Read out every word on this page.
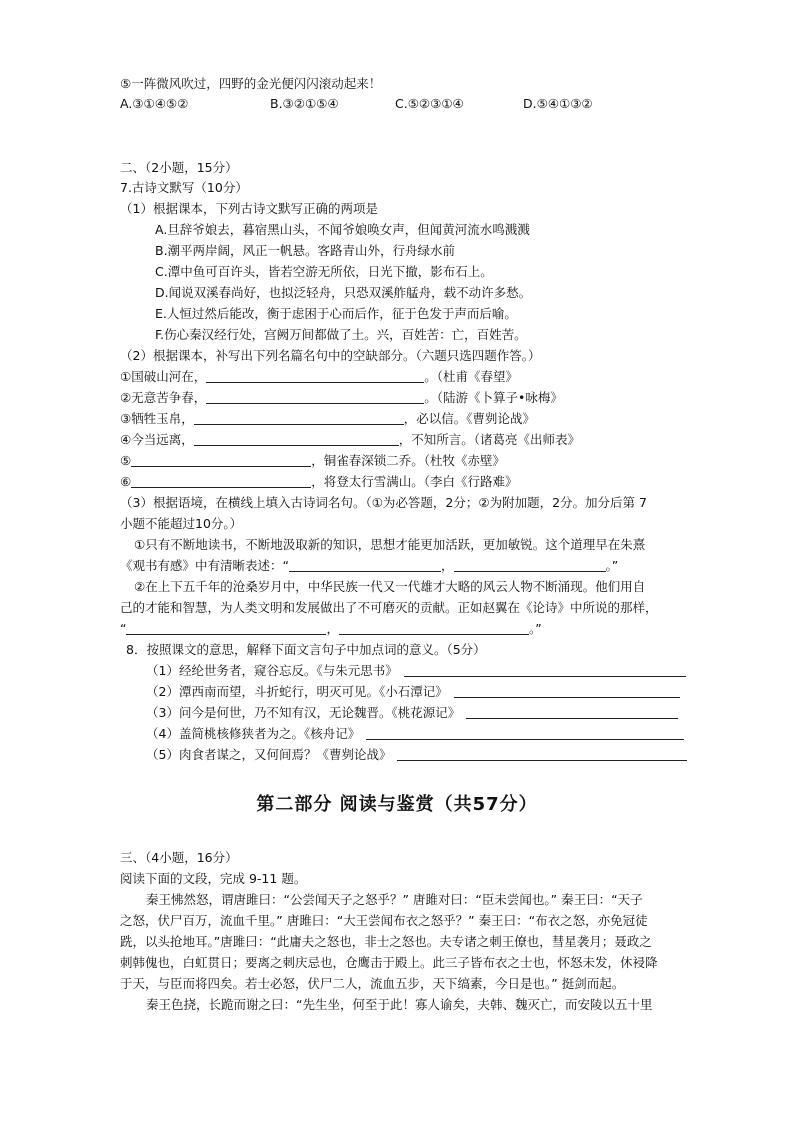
⑤一阵微风吹过，四野的金光便闪闪滚动起来！
A.③①④⑤②	B.③②①⑤④	C.⑤②③①④	D.⑤④①③②
二、（2小题，15分）
7.古诗文默写（10分）
（1）根据课本，下列古诗文默写正确的两项是
A.旦辞爷娘去，暮宿黑山头，不闻爷娘唤女声，但闻黄河流水鸣溅溅
B.潮平两岸阔，风正一帆悬。客路青山外，行舟绿水前
C.潭中鱼可百许头，皆若空游无所依，日光下撤，影布石上。
D.闻说双溪春尚好，也拟泛轻舟，只恐双溪舴艋舟，载不动许多愁。
E.人恒过然后能改，衡于虑困于心而后作，征于色发于声而后喻。
F.伤心秦汉经行处，宫阙万间都做了土。兴，百姓苦：亡，百姓苦。
（2）根据课本，补写出下列名篇名句中的空缺部分。（六题只选四题作答。）
①国破山河在，	。（杜甫《春望》
②无意苦争春，	。（陆游《卜算子•咏梅》
③牺牲玉帛，	，必以信。《曹刿论战》
④今当远离，	，不知所言。（诸葛亮《出师表》
⑤	，铜雀春深锁二乔。（杜牧《赤壁》
⑥	，将登太行雪满山。（李白《行路难》
（3）根据语境，在横线上填入古诗词名句。（①为必答题，2分；②为附加题，2分。加分后第 7
小题不能超过10分。）
①只有不断地读书，不断地汲取新的知识，思想才能更加活跃，更加敏锐。这个道理早在朱熹
《观书有感》中有清晰表述：“	，	。”
②在上下五千年的沧桑岁月中，中华民族一代又一代雄才大略的风云人物不断涌现。他们用自
己的才能和智慧，为人类文明和发展做出了不可磨灭的贡献。正如赵翼在《论诗》中所说的那样，
“	，	。”
8．按照课文的意思，解释下面文言句子中加点词的意义。（5分）
（1）经纶世务者，窥谷忘反。《与朱元思书》
（2）潭西南而望，斗折蛇行，明灭可见。《小石潭记》
（3）问今是何世，乃不知有汉，无论魏晋。《桃花源记》
（4）盖简桃核修狭者为之。《核舟记》
（5）肉食者谋之，又何间焉？《曹刿论战》
第二部分 阅读与鉴赏（共57分）
三、（4小题，16分）
阅读下面的文段，完成 9-11 题。
秦王怫然怒，谓唐雎曰：“公尝闻天子之怒乎？” 唐雎对曰：“臣未尝闻也。” 秦王曰：“天子
之怒，伏尸百万，流血千里。” 唐雎曰：“大王尝闻布衣之怒乎？” 秦王曰：“布衣之怒，亦免冠徒
跣，以头抢地耳。”唐雎曰：“此庸夫之怒也，非士之怒也。夫专诸之刺王僚也，彗星袭月；聂政之
刺韩傀也，白虹贯日；要离之刺庆忌也，仓鹰击于殿上。此三子皆布衣之士也，怀怒未发，休祲降
于天，与臣而将四矣。若士必怒，伏尸二人，流血五步，天下缟素，今日是也。” 挺剑而起。
秦王色挠，长跪而谢之曰：“先生坐，何至于此！寡人谕矣，夫韩、魏灭亡，而安陵以五十里
